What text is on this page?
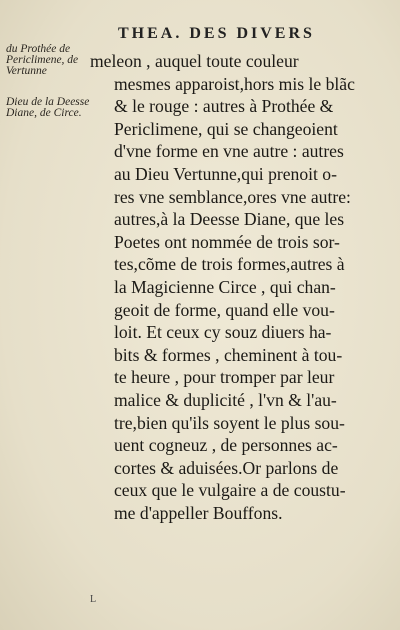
THEA. DES DIVERS
du Prothée de Periclimene, de Vertunne
Dieu de la Deesse Diane, de Circe.
meleon , auquel toute couleur
mesmes apparoist,hors mis le blãc
& le rouge : autres à Prothée &
Periclimene, qui se changeoient
d'vne forme en vne autre : autres
au Dieu Vertunne,qui prenoit o-
res vne semblance,ores vne autre:
autres,à la Deesse Diane, que les
Poetes ont nommée de trois sor-
tes,cõme de trois formes,autres à
la Magicienne Circe , qui chan-
geoit de forme, quand elle vou-
loit. Et ceux cy souz diuers ha-
bits & formes , cheminent à tou-
te heure , pour tromper par leur
malice & duplicité , l'vn & l'au-
tre,bien qu'ils soyent le plus sou-
uent cogneuz , de personnes ac-
cortes & aduisées.Or parlons de
ceux que le vulgaire a de coustu-
me d'appeller Bouffons.
L
